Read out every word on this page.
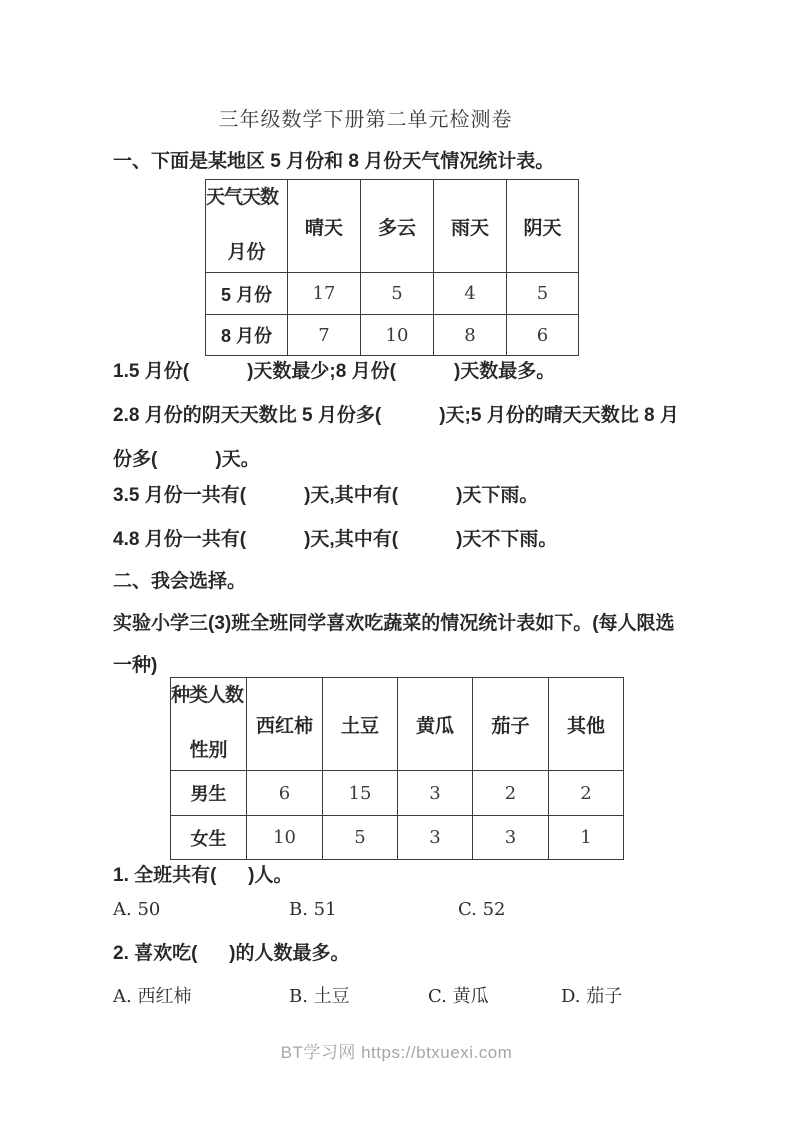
三年级数学下册第二单元检测卷
一、下面是某地区 5 月份和 8 月份天气情况统计表。
天气天数
月份	晴天	多云	雨天	阴天
5 月份	17	5	4	5
8 月份	7	10	8	6
1.5 月份(           )天数最少;8 月份(           )天数最多。
2.8 月份的阴天天数比 5 月份多(           )天;5 月份的晴天天数比 8 月
份多(           )天。
3.5 月份一共有(           )天,其中有(           )天下雨。
4.8 月份一共有(           )天,其中有(           )天不下雨。
二、我会选择。
实验小学三(3)班全班同学喜欢吃蔬菜的情况统计表如下。(每人限选
一种)
种类人数
性别	西红柿	土豆	黄瓜	茄子	其他
男生	6	15	3	2	2
女生	10	5	3	3	1
1. 全班共有(      )人。

A. 50

	B. 51

	C. 52

2. 喜欢吃(      )的人数最多。

A. 西红柿

	B. 土豆

	C. 黄瓜

	D. 茄子

BT学习网 https://btxuexi.com
